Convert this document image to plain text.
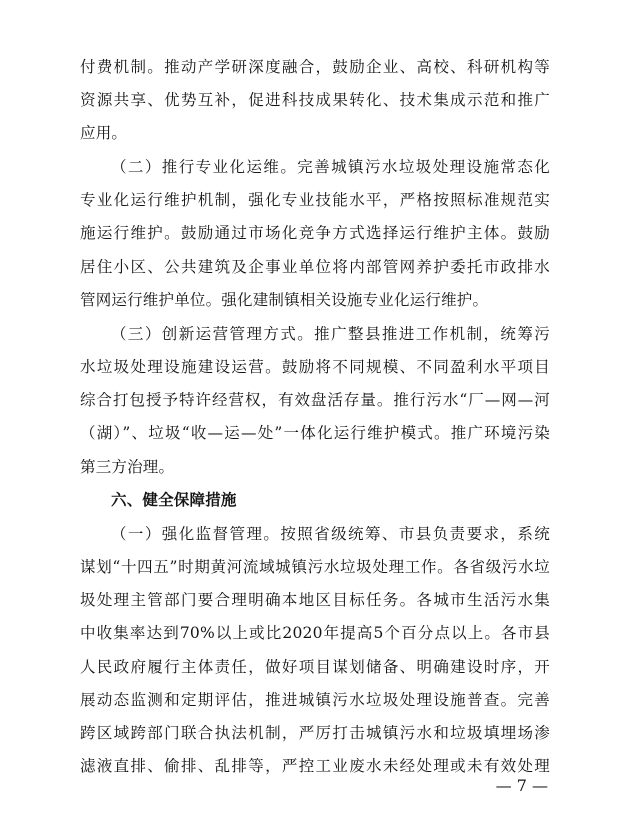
付费机制。推动产学研深度融合，鼓励企业、高校、科研机构等
资源共享、优势互补，促进科技成果转化、技术集成示范和推广
应用。
（二）推行专业化运维。完善城镇污水垃圾处理设施常态化
专业化运行维护机制，强化专业技能水平，严格按照标准规范实
施运行维护。鼓励通过市场化竞争方式选择运行维护主体。鼓励
居住小区、公共建筑及企事业单位将内部管网养护委托市政排水
管网运行维护单位。强化建制镇相关设施专业化运行维护。
（三）创新运营管理方式。推广整县推进工作机制，统筹污
水垃圾处理设施建设运营。鼓励将不同规模、不同盈利水平项目
综合打包授予特许经营权，有效盘活存量。推行污水“厂—网—河
（湖）”、垃圾“收—运—处”一体化运行维护模式。推广环境污染
第三方治理。
六、健全保障措施
（一）强化监督管理。按照省级统筹、市县负责要求，系统
谋划“十四五”时期黄河流域城镇污水垃圾处理工作。各省级污水垃
圾处理主管部门要合理明确本地区目标任务。各城市生活污水集
中收集率达到70%以上或比2020年提高5个百分点以上。各市县
人民政府履行主体责任，做好项目谋划储备、明确建设时序，开
展动态监测和定期评估，推进城镇污水垃圾处理设施普查。完善
跨区域跨部门联合执法机制，严厉打击城镇污水和垃圾填埋场渗
滤液直排、偷排、乱排等，严控工业废水未经处理或未有效处理
— 7 —
